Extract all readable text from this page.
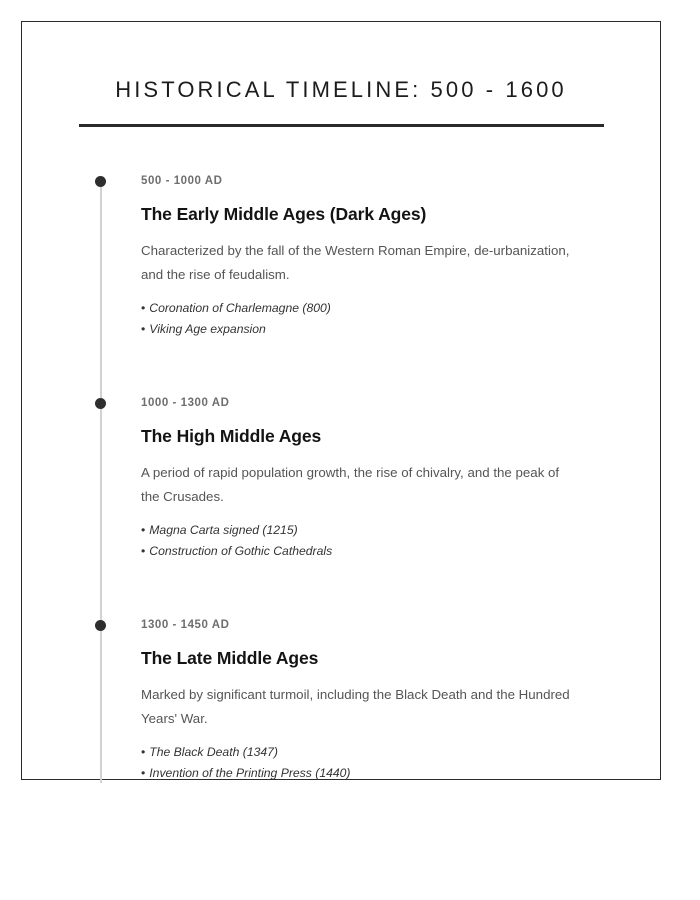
HISTORICAL TIMELINE: 500 - 1600

500 - 1000 AD

The Early Middle Ages (Dark Ages)

Characterized by the fall of the Western Roman Empire, de-urbanization, and the rise of feudalism.

• Coronation of Charlemagne (800)
• Viking Age expansion

1000 - 1300 AD

The High Middle Ages

A period of rapid population growth, the rise of chivalry, and the peak of the Crusades.

• Magna Carta signed (1215)
• Construction of Gothic Cathedrals

1300 - 1450 AD

The Late Middle Ages

Marked by significant turmoil, including the Black Death and the Hundred Years' War.

• The Black Death (1347)
• Invention of the Printing Press (1440)
